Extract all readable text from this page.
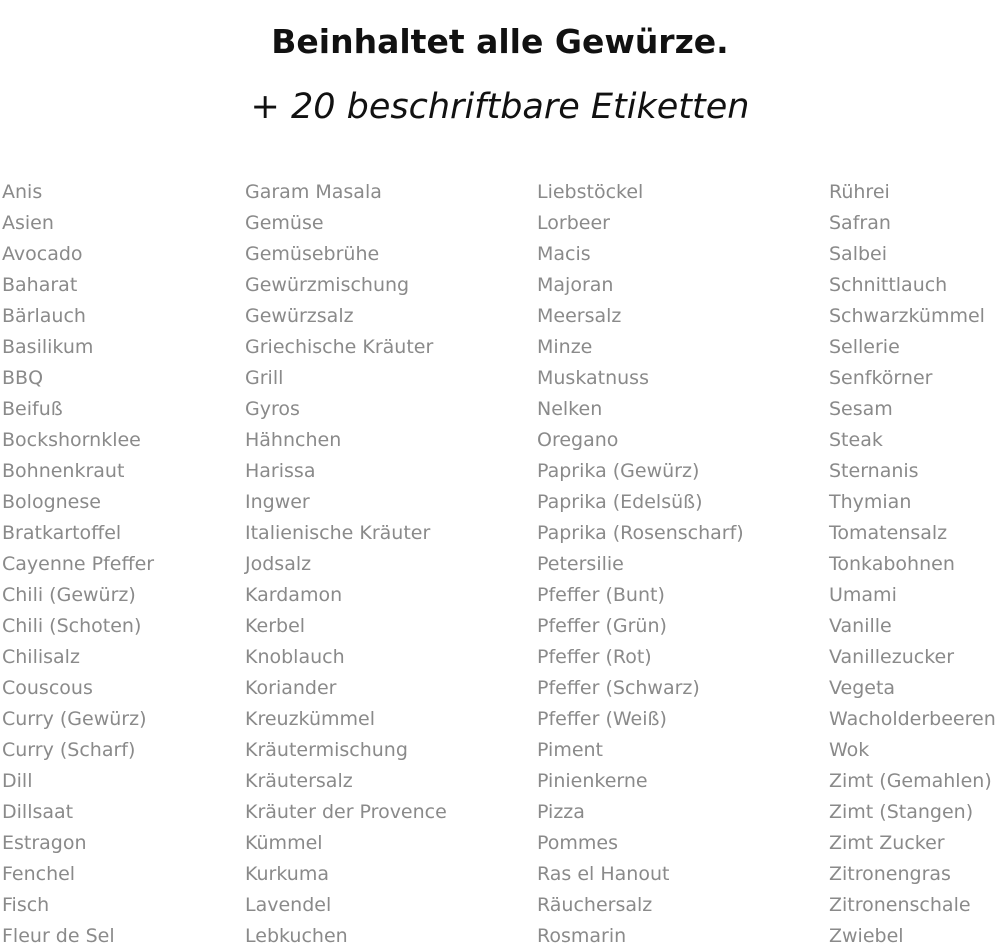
Beinhaltet alle Gewürze.
+ 20 beschriftbare Etiketten
Anis
Asien
Avocado
Baharat
Bärlauch
Basilikum
BBQ
Beifuß
Bockshornklee
Bohnenkraut
Bolognese
Bratkartoffel
Cayenne Pfeffer
Chili (Gewürz)
Chili (Schoten)
Chilisalz
Couscous
Curry (Gewürz)
Curry (Scharf)
Dill
Dillsaat
Estragon
Fenchel
Fisch
Fleur de Sel
Garam Masala
Gemüse
Gemüsebrühe
Gewürzmischung
Gewürzsalz
Griechische Kräuter
Grill
Gyros
Hähnchen
Harissa
Ingwer
Italienische Kräuter
Jodsalz
Kardamon
Kerbel
Knoblauch
Koriander
Kreuzkümmel
Kräutermischung
Kräutersalz
Kräuter der Provence
Kümmel
Kurkuma
Lavendel
Lebkuchen
Liebstöckel
Lorbeer
Macis
Majoran
Meersalz
Minze
Muskatnuss
Nelken
Oregano
Paprika (Gewürz)
Paprika (Edelsüß)
Paprika (Rosenscharf)
Petersilie
Pfeffer (Bunt)
Pfeffer (Grün)
Pfeffer (Rot)
Pfeffer (Schwarz)
Pfeffer (Weiß)
Piment
Pinienkerne
Pizza
Pommes
Ras el Hanout
Räuchersalz
Rosmarin
Rührei
Safran
Salbei
Schnittlauch
Schwarzkümmel
Sellerie
Senfkörner
Sesam
Steak
Sternanis
Thymian
Tomatensalz
Tonkabohnen
Umami
Vanille
Vanillezucker
Vegeta
Wacholderbeeren
Wok
Zimt (Gemahlen)
Zimt (Stangen)
Zimt Zucker
Zitronengras
Zitronenschale
Zwiebel
